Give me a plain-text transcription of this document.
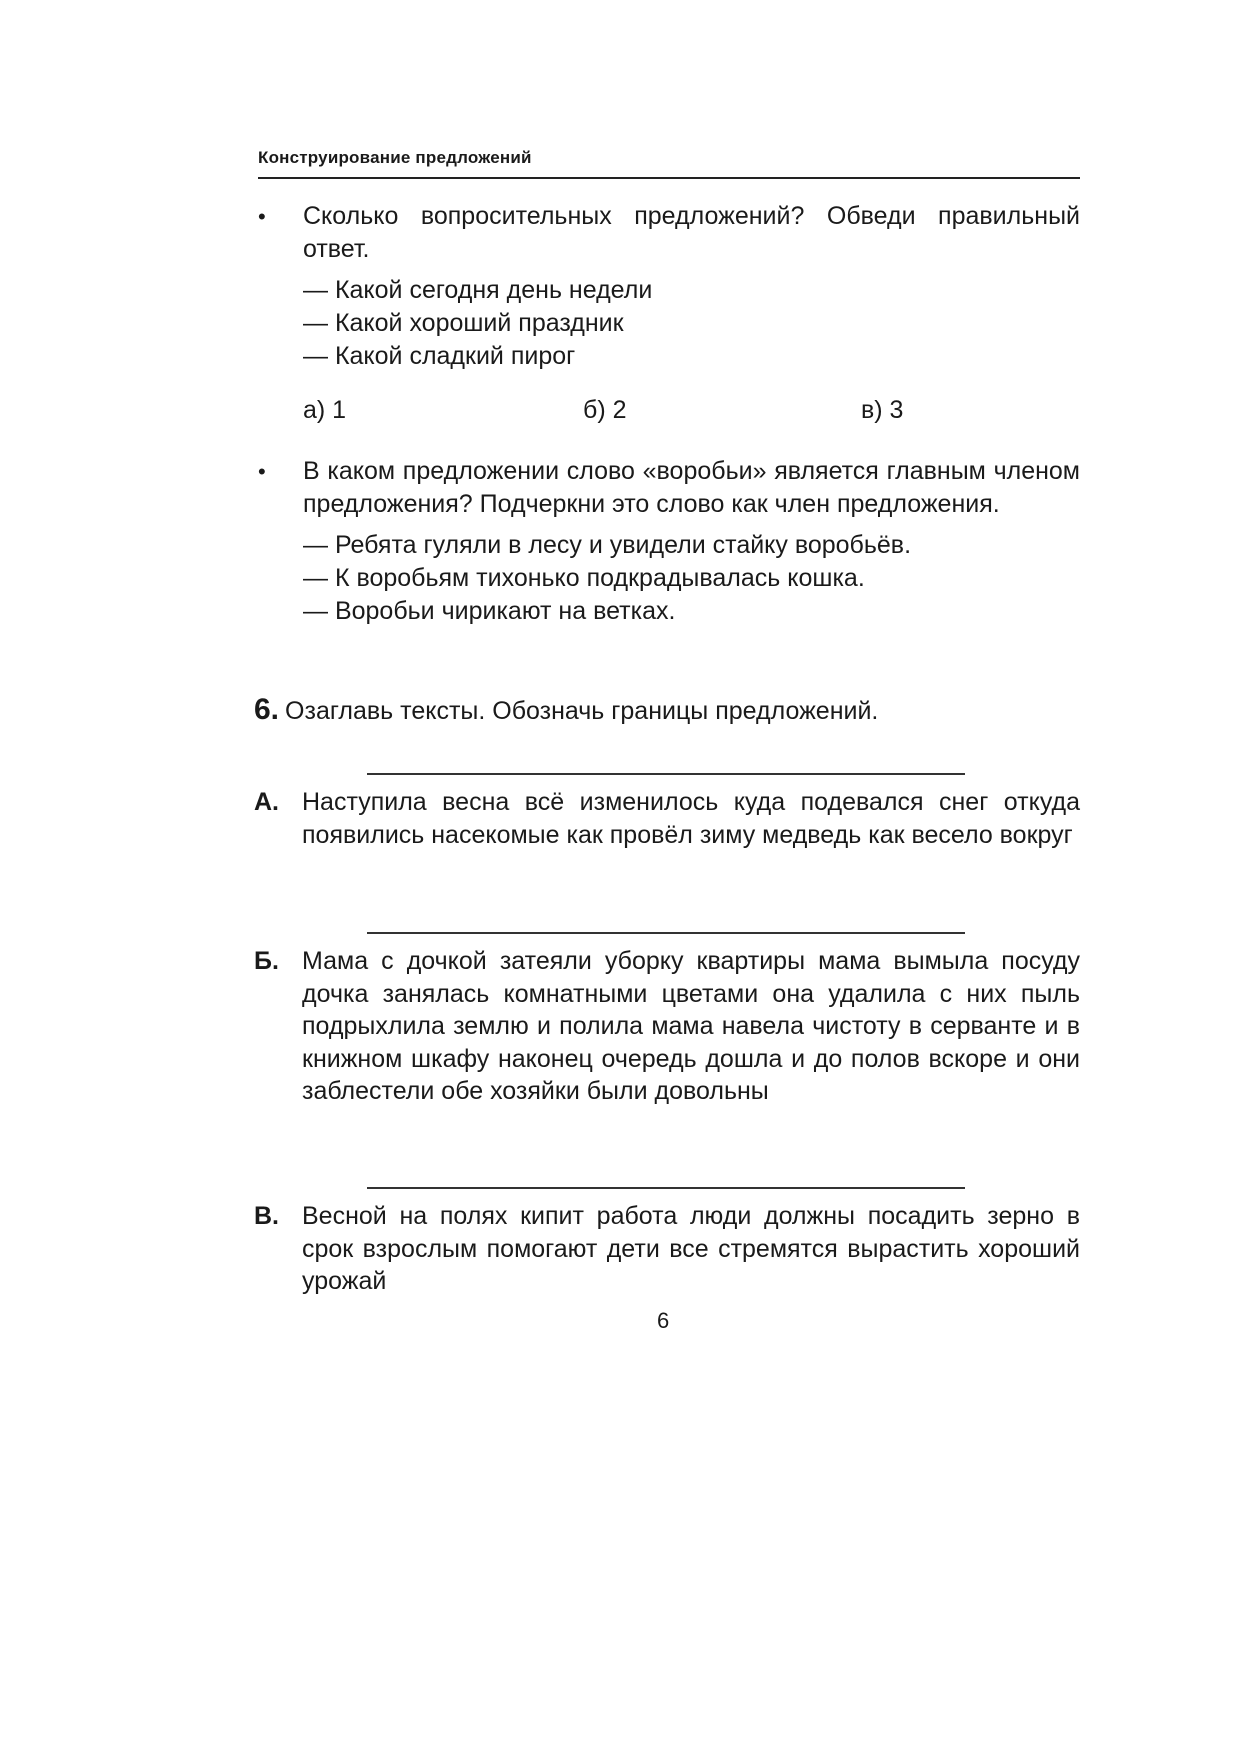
Конструирование предложений
•	Сколько вопросительных предложений? Обведи правильный ответ.
— Какой сегодня день недели
— Какой хороший праздник
— Какой сладкий пирог
а) 1	б) 2	в) 3
•	В каком предложении слово «воробьи» является главным членом предложения? Подчеркни это слово как член предложения.
— Ребята гуляли в лесу и увидели стайку воробьёв.
— К воробьям тихонько подкрадывалась кошка.
— Воробьи чирикают на ветках.
6. Озаглавь тексты. Обозначь границы предложений.
А. Наступила весна всё изменилось куда подевался снег откуда появились насекомые как провёл зиму медведь как весело вокруг
Б. Мама с дочкой затеяли уборку квартиры мама вымыла посуду дочка занялась комнатными цветами она удалила с них пыль подрыхлила землю и полила мама навела чистоту в серванте и в книжном шкафу наконец очередь дошла и до полов вскоре и они заблестели обе хозяйки были довольны
В. Весной на полях кипит работа люди должны посадить зерно в срок взрослым помогают дети все стремятся вырастить хороший урожай
6
